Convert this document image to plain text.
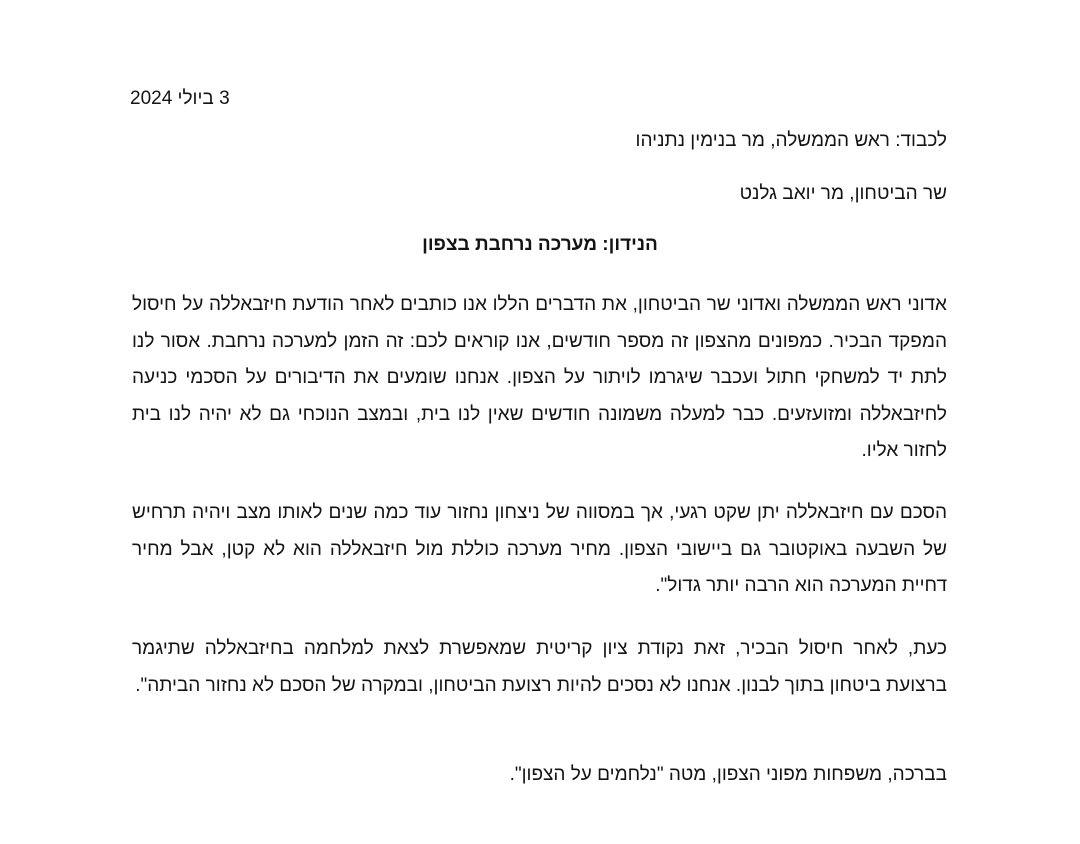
3 ביולי 2024
לכבוד: ראש הממשלה, מר בנימין נתניהו
שר הביטחון, מר יואב גלנט
הנידון: מערכה נרחבת בצפון

אדוני ראש הממשלה ואדוני שר הביטחון, את הדברים הללו אנו כותבים לאחר הודעת חיזבאללה על חיסול המפקד הבכיר. כמפונים מהצפון זה מספר חודשים, אנו קוראים לכם: זה הזמן למערכה נרחבת. אסור לנו לתת יד למשחקי חתול ועכבר שיגרמו לויתור על הצפון. אנחנו שומעים את הדיבורים על הסכמי כניעה לחיזבאללה ומזועזעים. כבר למעלה משמונה חודשים שאין לנו בית, ובמצב הנוכחי גם לא יהיה לנו בית לחזור אליו.

הסכם עם חיזבאללה יתן שקט רגעי, אך במסווה של ניצחון נחזור עוד כמה שנים לאותו מצב ויהיה תרחיש של השבעה באוקטובר גם ביישובי הצפון. מחיר מערכה כוללת מול חיזבאללה הוא לא קטן, אבל מחיר דחיית המערכה הוא הרבה יותר גדול".

כעת, לאחר חיסול הבכיר, זאת נקודת ציון קריטית שמאפשרת לצאת למלחמה בחיזבאללה שתיגמר ברצועת ביטחון בתוך לבנון. אנחנו לא נסכים להיות רצועת הביטחון, ובמקרה של הסכם לא נחזור הביתה".

בברכה, משפחות מפוני הצפון, מטה "נלחמים על הצפון".
